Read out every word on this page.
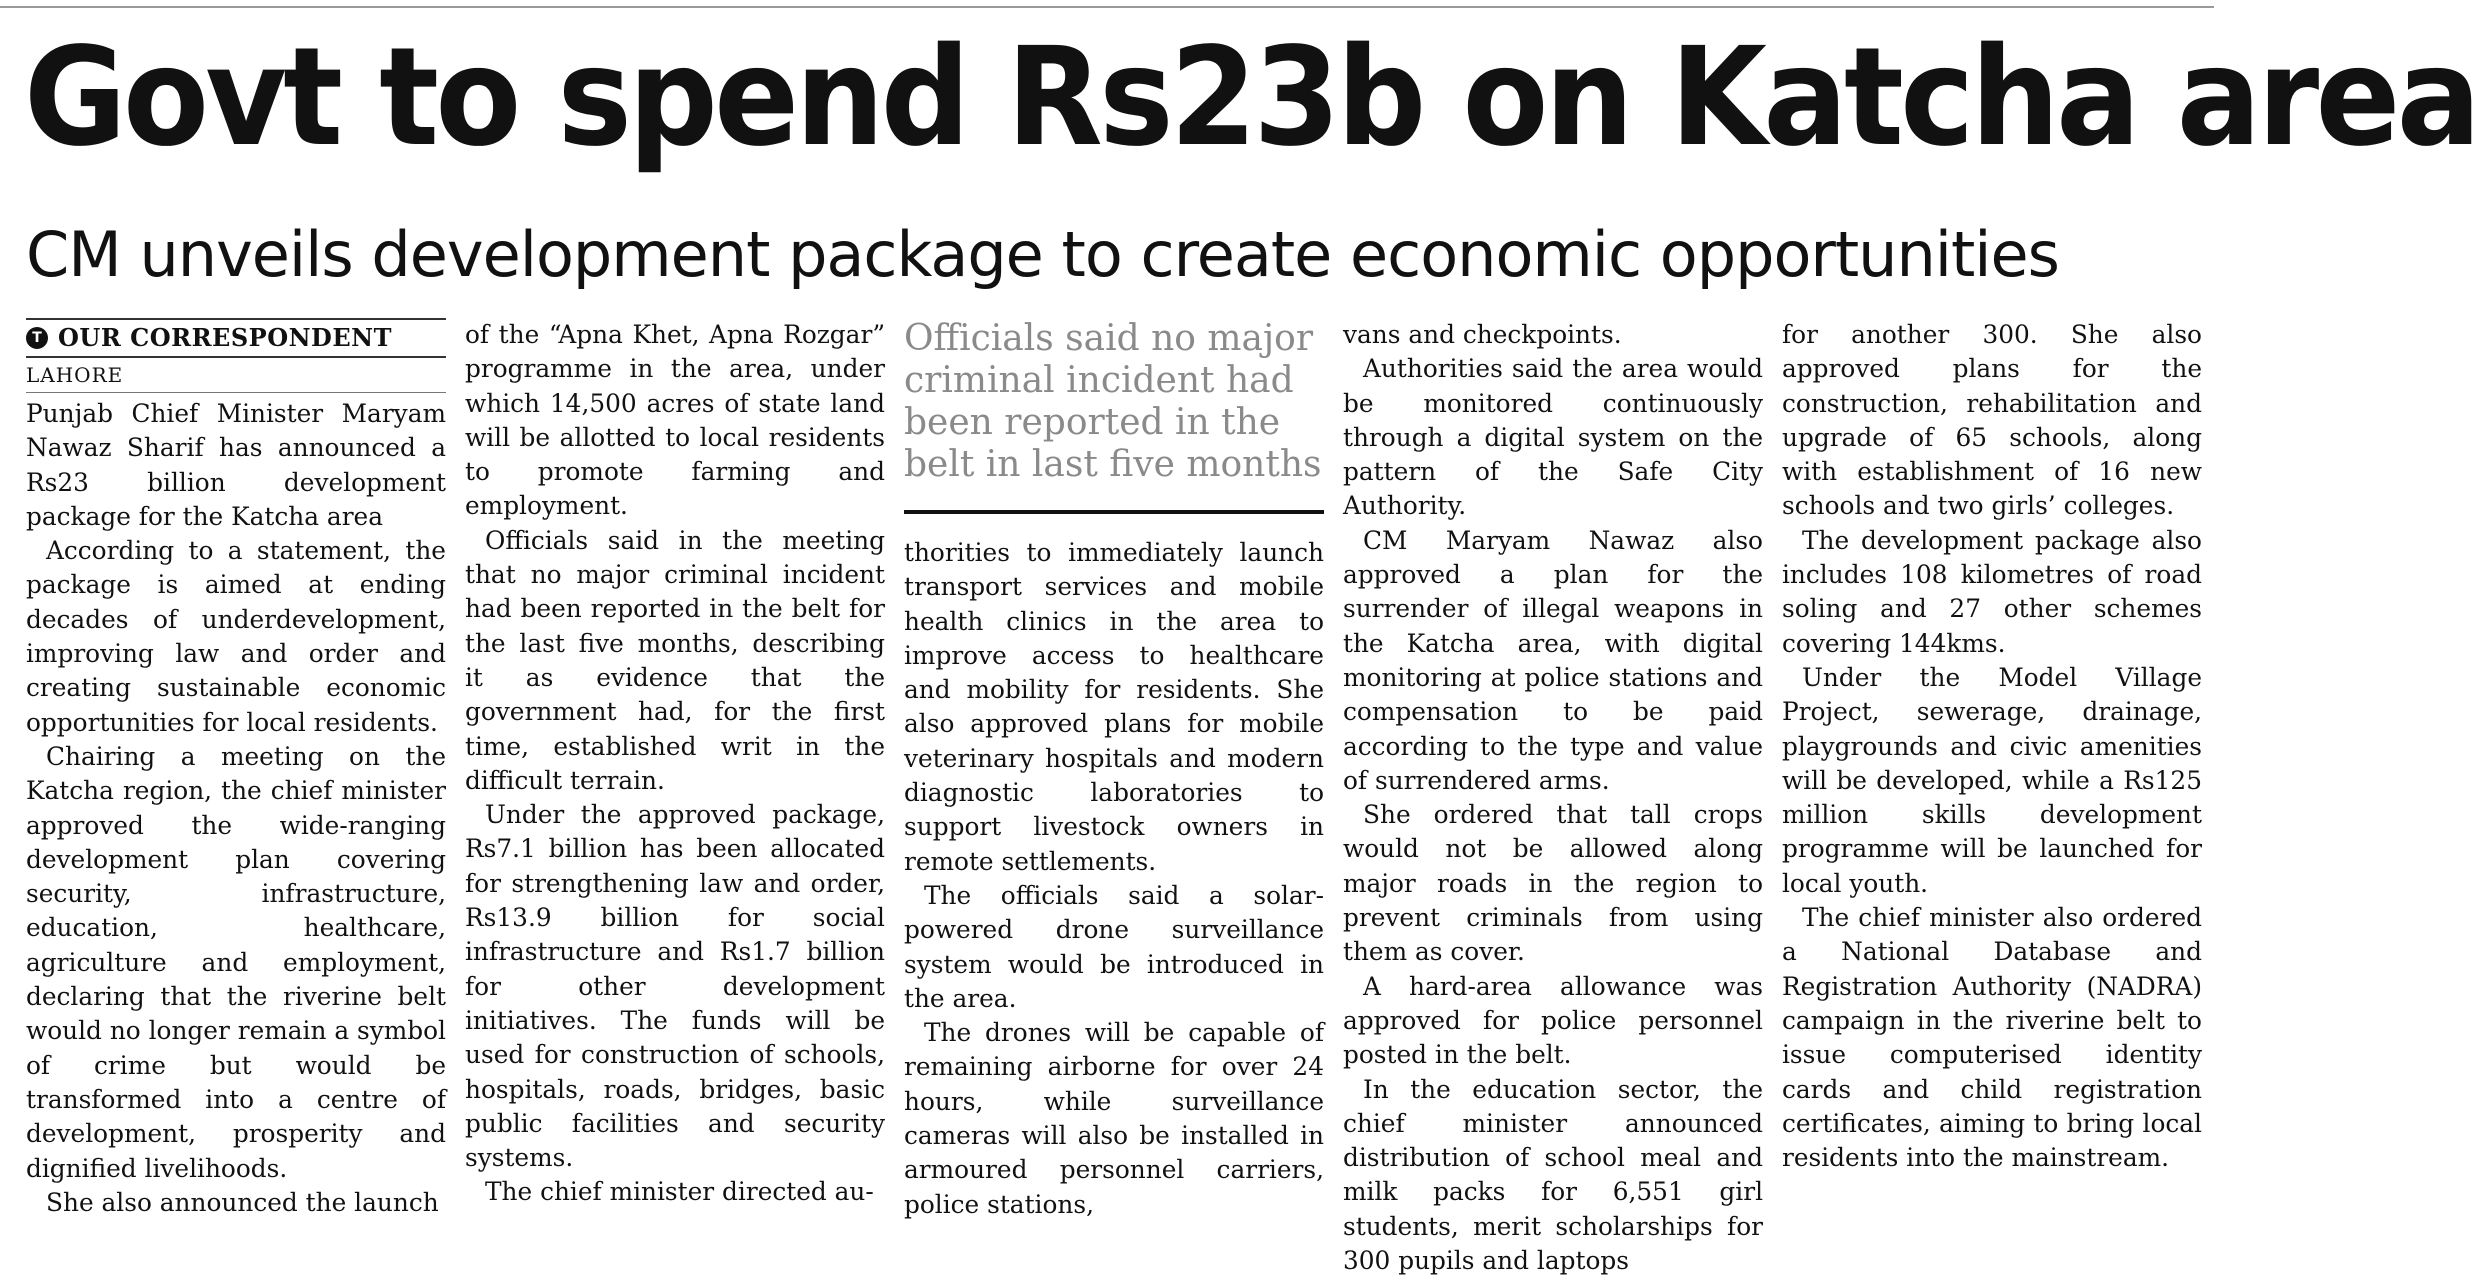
Govt to spend Rs23b on Katcha area
CM unveils development package to create economic opportunities
T OUR CORRESPONDENT
LAHORE

Punjab Chief Minister Maryam Nawaz Sharif has announced a Rs23 billion development package for the Katcha area

According to a statement, the package is aimed at ending decades of underdevelopment, improving law and order and creating sustainable economic opportunities for local residents.

Chairing a meeting on the Katcha region, the chief minister approved the wide-ranging development plan covering security, infrastructure, education, healthcare, agriculture and employment, declaring that the riverine belt would no longer remain a symbol of crime but would be transformed into a centre of development, prosperity and dignified livelihoods.

She also announced the launch

of the “Apna Khet, Apna Rozgar” programme in the area, under which 14,500 acres of state land will be allotted to local residents to promote farming and employment.

Officials said in the meeting that no major criminal incident had been reported in the belt for the last five months, describing it as evidence that the government had, for the first time, established writ in the difficult terrain.

Under the approved package, Rs7.1 billion has been allocated for strengthening law and order, Rs13.9 billion for social infrastructure and Rs1.7 billion for other development initiatives. The funds will be used for construction of schools, hospitals, roads, bridges, basic public facilities and security systems.

The chief minister directed au-

Officials said no major criminal incident had been reported in the belt in last five months

thorities to immediately launch transport services and mobile health clinics in the area to improve access to healthcare and mobility for residents. She also approved plans for mobile veterinary hospitals and modern diagnostic laboratories to support livestock owners in remote settlements.

The officials said a solar-powered drone surveillance system would be introduced in the area.

The drones will be capable of remaining airborne for over 24 hours, while surveillance cameras will also be installed in armoured personnel carriers, police stations,

vans and checkpoints.

Authorities said the area would be monitored continuously through a digital system on the pattern of the Safe City Authority.

CM Maryam Nawaz also approved a plan for the surrender of illegal weapons in the Katcha area, with digital monitoring at police stations and compensation to be paid according to the type and value of surrendered arms.

She ordered that tall crops would not be allowed along major roads in the region to prevent criminals from using them as cover.

A hard-area allowance was approved for police personnel posted in the belt.

In the education sector, the chief minister announced distribution of school meal and milk packs for 6,551 girl students, merit scholarships for 300 pupils and laptops

for another 300. She also approved plans for the construction, rehabilitation and upgrade of 65 schools, along with establishment of 16 new schools and two girls’ colleges.

The development package also includes 108 kilometres of road soling and 27 other schemes covering 144kms.

Under the Model Village Project, sewerage, drainage, playgrounds and civic amenities will be developed, while a Rs125 million skills development programme will be launched for local youth.

The chief minister also ordered a National Database and Registration Authority (NADRA) campaign in the riverine belt to issue computerised identity cards and child registration certificates, aiming to bring local residents into the mainstream.
